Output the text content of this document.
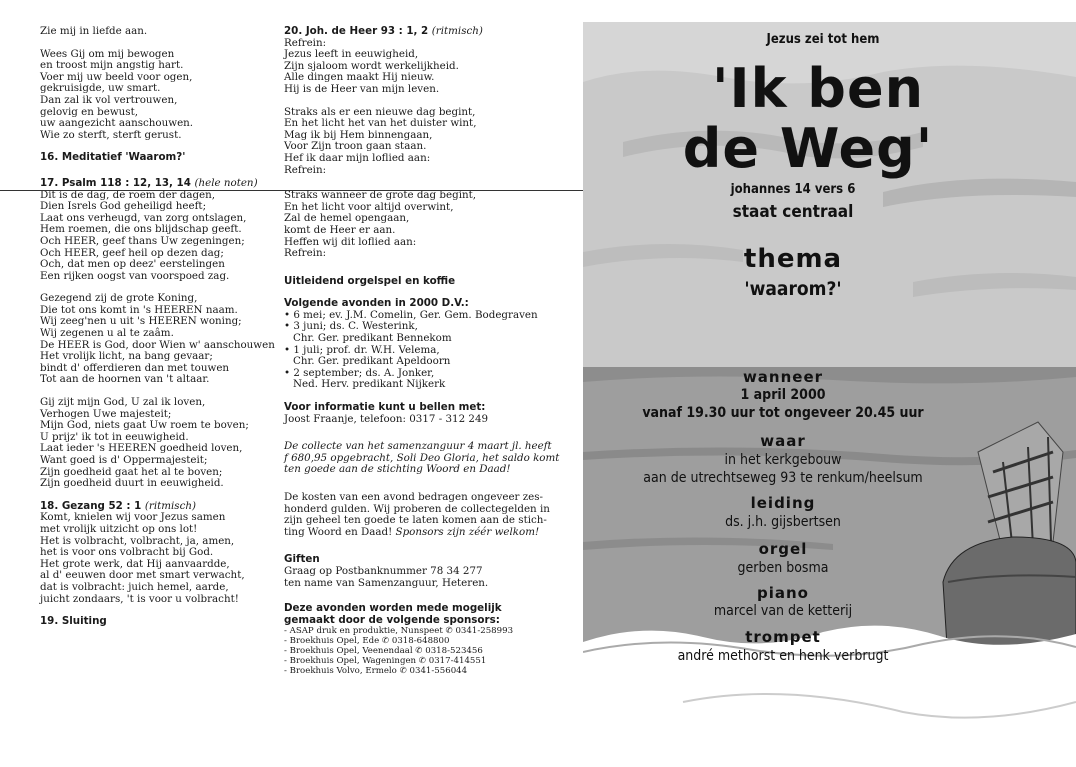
Zie mij in liefde aan.
Wees Gij om mij bewogen
en troost mijn angstig hart.
Voer mij uw beeld voor ogen,
gekruisigde, uw smart.
Dan zal ik vol vertrouwen,
gelovig en bewust,
uw aangezicht aanschouwen.
Wie zo sterft, sterft gerust.
16. Meditatief 'Waarom?'
17. Psalm 118 : 12, 13, 14 (hele noten)
Dit is de dag, de roem der dagen,
Dien Isrels God geheiligd heeft;
Laat ons verheugd, van zorg ontslagen,
Hem roemen, die ons blijdschap geeft.
Och HEER, geef thans Uw zegeningen;
Och HEER, geef heil op dezen dag;
Och, dat men op deez' eerstelingen
Een rijken oogst van voorspoed zag.
Gezegend zij de grote Koning,
Die tot ons komt in 's HEEREN naam.
Wij zeeg'nen u uit 's HEEREN woning;
Wij zegenen u al te zaâm.
De HEER is God, door Wien w' aanschouwen
Het vrolijk licht, na bang gevaar;
bindt d' offerdieren dan met touwen
Tot aan de hoornen van 't altaar.
Gij zijt mijn God, U zal ik loven,
Verhogen Uwe majesteit;
Mijn God, niets gaat Uw roem te boven;
U prijz' ik tot in eeuwigheid.
Laat ieder 's HEEREN goedheid loven,
Want goed is d' Oppermajesteit;
Zijn goedheid gaat het al te boven;
Zijn goedheid duurt in eeuwigheid.
18. Gezang 52 : 1 (ritmisch)
Komt, knielen wij voor Jezus samen
met vrolijk uitzicht op ons lot!
Het is volbracht, volbracht, ja, amen,
het is voor ons volbracht bij God.
Het grote werk, dat Hij aanvaardde,
al d' eeuwen door met smart verwacht,
dat is volbracht: juich hemel, aarde,
juicht zondaars, 't is voor u volbracht!
19. Sluiting
20. Joh. de Heer 93 : 1, 2 (ritmisch)
Refrein:
Jezus leeft in eeuwigheid,
Zijn sjaloom wordt werkelijkheid.
Alle dingen maakt Hij nieuw.
Hij is de Heer van mijn leven.
Straks als er een nieuwe dag begint,
En het licht het van het duister wint,
Mag ik bij Hem binnengaan,
Voor Zijn troon gaan staan.
Hef ik daar mijn loflied aan:
Refrein:
Straks wanneer de grote dag begint,
En het licht voor altijd overwint,
Zal de hemel opengaan,
komt de Heer er aan.
Heffen wij dit loflied aan:
Refrein:
Uitleidend orgelspel en koffie
Volgende avonden in 2000 D.V.:
• 6 mei; ev. J.M. Comelin, Ger. Gem. Bodegraven
• 3 juni; ds. C. Westerink,
Chr. Ger. predikant Bennekom
• 1 juli; prof. dr. W.H. Velema,
Chr. Ger. predikant Apeldoorn
• 2 september; ds. A. Jonker,
Ned. Herv. predikant Nijkerk
Voor informatie kunt u bellen met:
Joost Fraanje, telefoon: 0317 - 312 249
De collecte van het samenzanguur 4 maart jl. heeft
f 680,95 opgebracht, Soli Deo Gloria, het saldo komt
ten goede aan de stichting Woord en Daad!
De kosten van een avond bedragen ongeveer zes-
honderd gulden. Wij proberen de collectegelden in
zijn geheel ten goede te laten komen aan de stich-
ting Woord en Daad! Sponsors zijn zéér welkom!
Giften
Graag op Postbanknummer 78 34 277
ten name van Samenzanguur, Heteren.
Deze avonden worden mede mogelijk
gemaakt door de volgende sponsors:
- ASAP druk en produktie, Nunspeet ✆ 0341-258993
- Broekhuis Opel, Ede ✆ 0318-648800
- Broekhuis Opel, Veenendaal ✆ 0318-523456
- Broekhuis Opel, Wageningen ✆ 0317-414551
- Broekhuis Volvo, Ermelo ✆ 0341-556044
Jezus zei tot hem
'Ik ben
de Weg'
johannes 14 vers 6
staat centraal
thema
'waarom?'
wanneer
1 april 2000
vanaf 19.30 uur tot ongeveer 20.45 uur
waar
in het kerkgebouw
aan de utrechtseweg 93 te renkum/heelsum
leiding
ds. j.h. gijsbertsen
orgel
gerben bosma
piano
marcel van de ketterij
trompet
andré methorst en henk verbrugt
